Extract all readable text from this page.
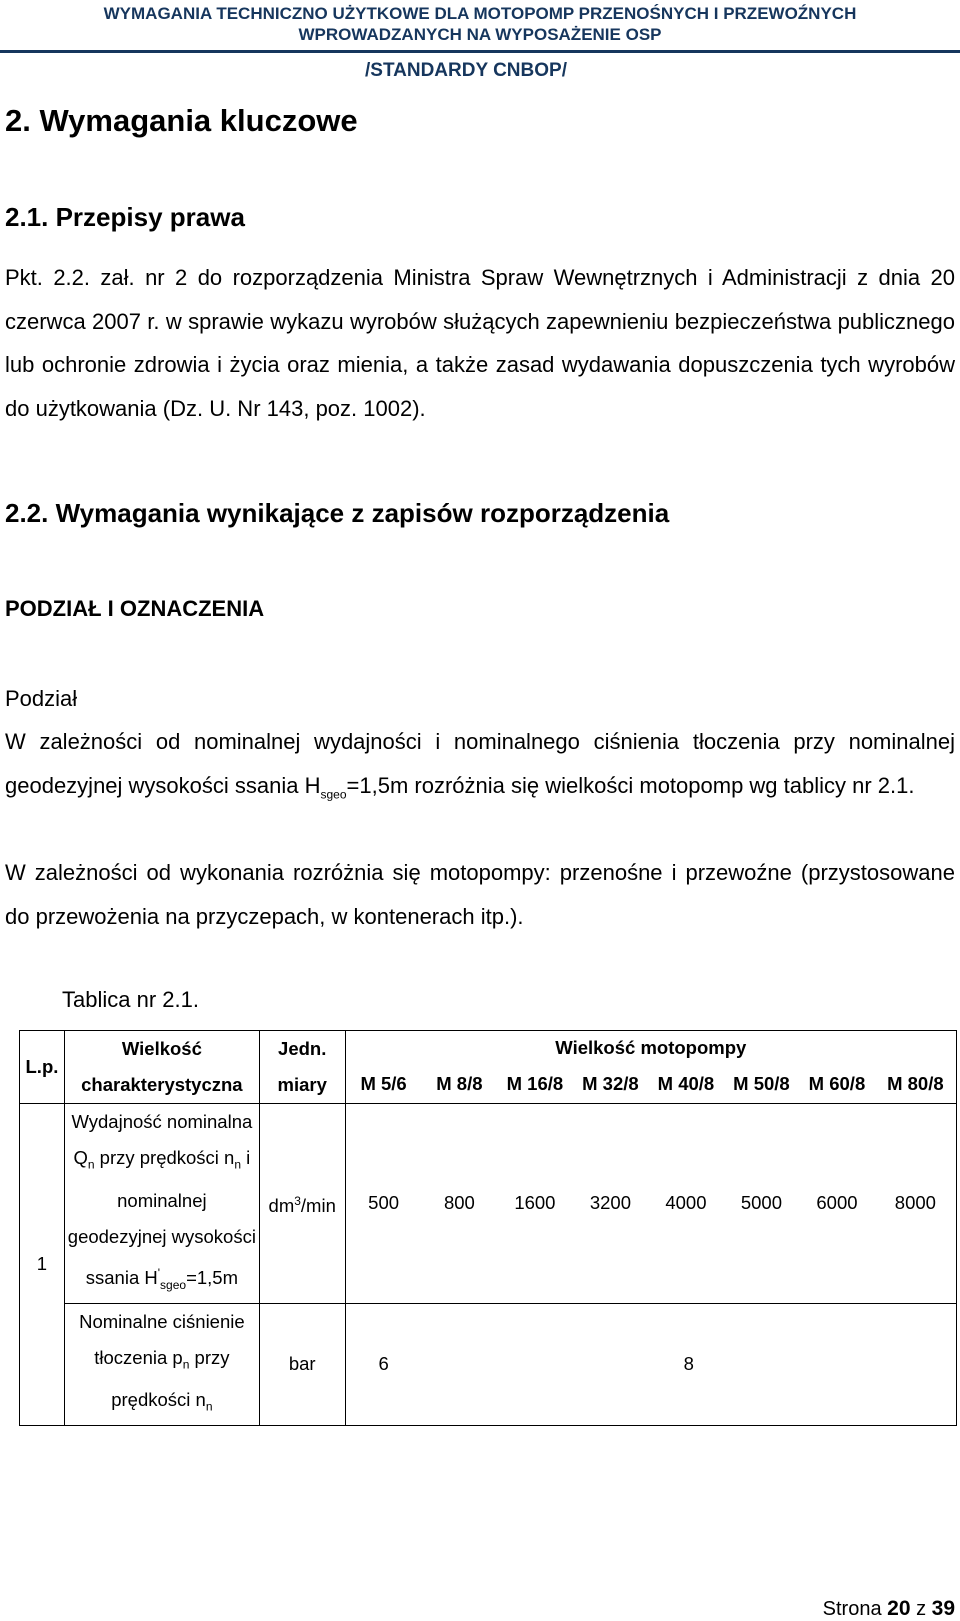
WYMAGANIA TECHNICZNO UŻYTKOWE DLA MOTOPOMP PRZENOŚNYCH I PRZEWOŹNYCH
WPROWADZANYCH NA WYPOSAŻENIE OSP
/STANDARDY CNBOP/
2. Wymagania kluczowe
2.1. Przepisy prawa

Pkt. 2.2. zał. nr 2 do rozporządzenia Ministra Spraw Wewnętrznych i Administracji z dnia 20 czerwca 2007 r. w sprawie wykazu wyrobów służących zapewnieniu bezpieczeństwa publicznego lub ochronie zdrowia i życia oraz mienia, a także zasad wydawania dopuszczenia tych wyrobów do użytkowania (Dz. U. Nr 143, poz. 1002).

2.2. Wymagania wynikające z zapisów rozporządzenia
PODZIAŁ I OZNACZENIA

Podział

W zależności od nominalnej wydajności i nominalnego ciśnienia tłoczenia przy nominalnej geodezyjnej wysokości ssania $H_{sgeo}=1,5m$ rozróżnia się wielkości motopomp wg tablicy nr 2.1.

W zależności od wykonania rozróżnia się motopompy: przenośne i przewoźne (przystosowane do przewożenia na przyczepach, w kontenerach itp.).

Tablica nr 2.1.
L.p.	Wielkość charakterystyczna	Jedn. miary	Wielkość motopompy							
			M 5/6	M 8/8	M 16/8	M 32/8	M 40/8	M 50/8	M 60/8	M 80/8
1	Wydajność nominalna $Q_n$ przy prędkości $n_n$ i nominalnej geodezyjnej wysokości ssania $H'_{sgeo}=1,5m$	$dm^3/\min$	500	800	1600	3200	4000	5000	6000	8000
	Nominalne ciśnienie tłoczenia $p_n$ przy prędkości $n_n$	bar	6	8						
Strona 20 z 39
